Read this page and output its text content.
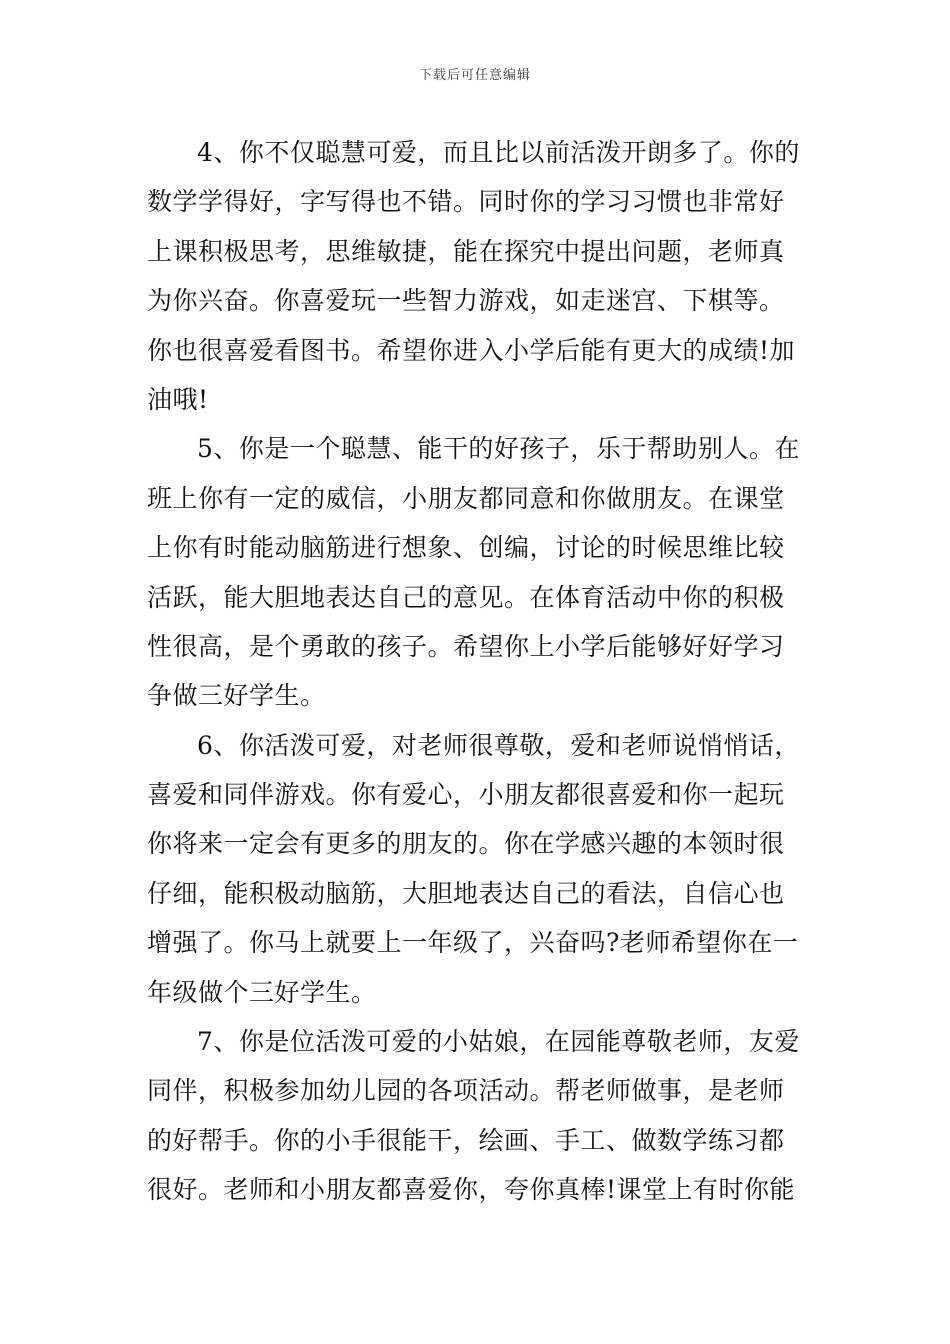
下载后可任意编辑
4、你不仅聪慧可爱，而且比以前活泼开朗多了。你的
数学学得好，字写得也不错。同时你的学习习惯也非常好
上课积极思考，思维敏捷，能在探究中提出问题，老师真
为你兴奋。你喜爱玩一些智力游戏，如走迷宫、下棋等。
你也很喜爱看图书。希望你进入小学后能有更大的成绩!加
油哦!
5、你是一个聪慧、能干的好孩子，乐于帮助别人。在
班上你有一定的威信，小朋友都同意和你做朋友。在课堂
上你有时能动脑筋进行想象、创编，讨论的时候思维比较
活跃，能大胆地表达自己的意见。在体育活动中你的积极
性很高，是个勇敢的孩子。希望你上小学后能够好好学习
争做三好学生。
6、你活泼可爱，对老师很尊敬，爱和老师说悄悄话，
喜爱和同伴游戏。你有爱心，小朋友都很喜爱和你一起玩
你将来一定会有更多的朋友的。你在学感兴趣的本领时很
仔细，能积极动脑筋，大胆地表达自己的看法，自信心也
增强了。你马上就要上一年级了，兴奋吗?老师希望你在一
年级做个三好学生。
7、你是位活泼可爱的小姑娘，在园能尊敬老师，友爱
同伴，积极参加幼儿园的各项活动。帮老师做事，是老师
的好帮手。你的小手很能干，绘画、手工、做数学练习都
很好。老师和小朋友都喜爱你，夸你真棒!课堂上有时你能
